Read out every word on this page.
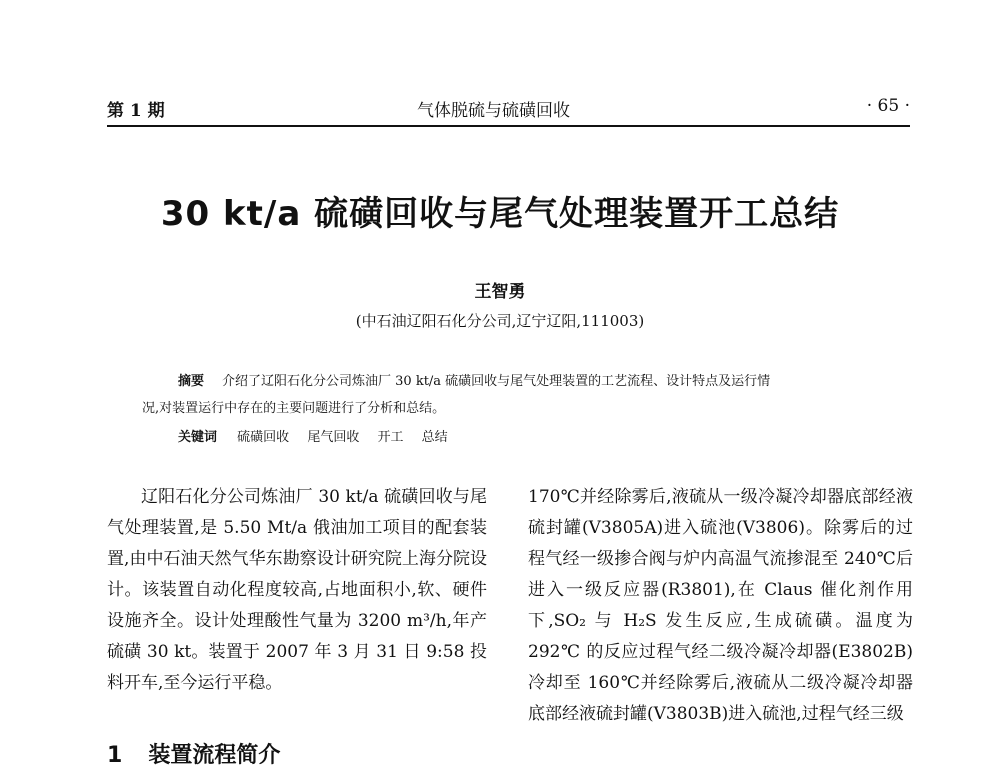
第 1 期	气体脱硫与硫磺回收	· 65 ·
30 kt/a 硫磺回收与尾气处理装置开工总结
王智勇
(中石油辽阳石化分公司,辽宁辽阳,111003)
摘要 介绍了辽阳石化分公司炼油厂 30 kt/a 硫磺回收与尾气处理装置的工艺流程、设计特点及运行情
况,对装置运行中存在的主要问题进行了分析和总结。
关键词 硫磺回收 尾气回收 开工 总结

辽阳石化分公司炼油厂 30 kt/a 硫磺回收与尾气处理装置,是 5.50 Mt/a 俄油加工项目的配套装置,由中石油天然气华东勘察设计研究院上海分院设计。该装置自动化程度较高,占地面积小,软、硬件设施齐全。设计处理酸性气量为 3200 m³/h,年产硫磺 30 kt。装置于 2007 年 3 月 31 日 9:58 投料开车,至今运行平稳。

1 装置流程简介

170℃并经除雾后,液硫从一级冷凝冷却器底部经液硫封罐(V3805A)进入硫池(V3806)。除雾后的过程气经一级掺合阀与炉内高温气流掺混至 240℃后进入一级反应器(R3801),在 Claus 催化剂作用下,SO₂ 与 H₂S 发生反应,生成硫磺。温度为 292℃ 的反应过程气经二级冷凝冷却器(E3802B)冷却至 160℃并经除雾后,液硫从二级冷凝冷却器底部经液硫封罐(V3803B)进入硫池,过程气经三级
